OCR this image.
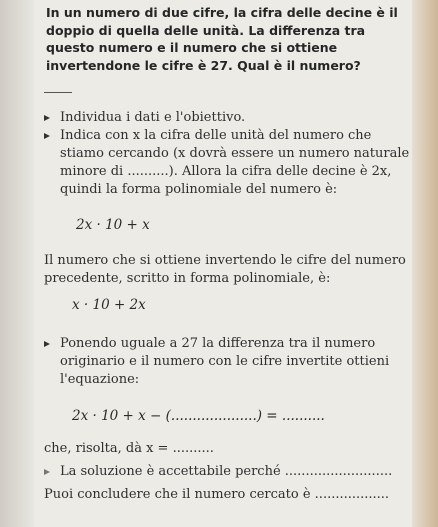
In un numero di due cifre, la cifra delle decine è il doppio di quella delle unità. La differenza tra questo numero e il numero che si ottiene invertendone le cifre è 27. Qual è il numero?
Individua i dati e l'obiettivo.
Indica con x la cifra delle unità del numero che stiamo cercando (x dovrà essere un numero naturale minore di ..........). Allora la cifra delle decine è 2x, quindi la forma polinomiale del numero è:
2x · 10 + x
Il numero che si ottiene invertendo le cifre del numero precedente, scritto in forma polinomiale, è:
x · 10 + 2x
Ponendo uguale a 27 la differenza tra il numero originario e il numero con le cifre invertite ottieni l'equazione:
2x · 10 + x − (....................) = ..........
che, risolta, dà x = ..........
La soluzione è accettabile perché ..........................
Puoi concludere che il numero cercato è ..................
